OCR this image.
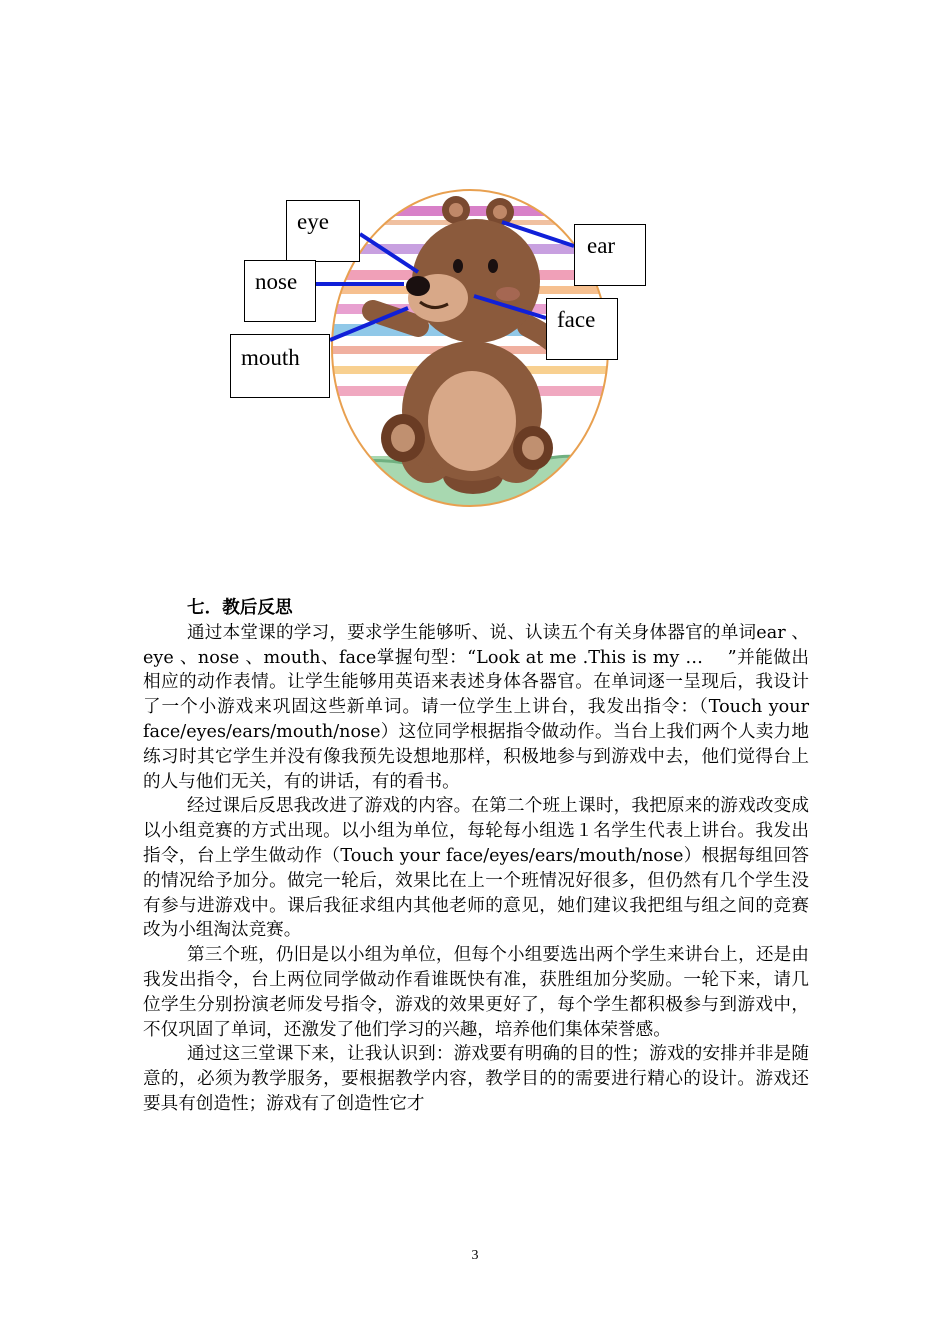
eye
nose
mouth
ear
face
七．教后反思

通过本堂课的学习，要求学生能够听、说、认读五个有关身体器官的单词ear 、eye 、nose 、mouth、face掌握句型：“Look at me .This is my …　 ”并能做出相应的动作表情。让学生能够用英语来表述身体各器官。在单词逐一呈现后，我设计了一个小游戏来巩固这些新单词。请一位学生上讲台，我发出指令：（Touch your face/eyes/ears/mouth/nose）这位同学根据指令做动作。当台上我们两个人卖力地练习时其它学生并没有像我预先设想地那样，积极地参与到游戏中去，他们觉得台上的人与他们无关，有的讲话，有的看书。

经过课后反思我改进了游戏的内容。在第二个班上课时，我把原来的游戏改变成以小组竞赛的方式出现。以小组为单位，每轮每小组选１名学生代表上讲台。我发出指令，台上学生做动作（Touch your face/eyes/ears/mouth/nose）根据每组回答的情况给予加分。做完一轮后，效果比在上一个班情况好很多，但仍然有几个学生没有参与进游戏中。课后我征求组内其他老师的意见，她们建议我把组与组之间的竞赛改为小组淘汰竞赛。

第三个班，仍旧是以小组为单位，但每个小组要选出两个学生来讲台上，还是由我发出指令，台上两位同学做动作看谁既快有准，获胜组加分奖励。一轮下来，请几位学生分别扮演老师发号指令，游戏的效果更好了，每个学生都积极参与到游戏中，不仅巩固了单词，还激发了他们学习的兴趣，培养他们集体荣誉感。

通过这三堂课下来，让我认识到：游戏要有明确的目的性；游戏的安排并非是随意的，必须为教学服务，要根据教学内容，教学目的的需要进行精心的设计。游戏还要具有创造性；游戏有了创造性它才

3
